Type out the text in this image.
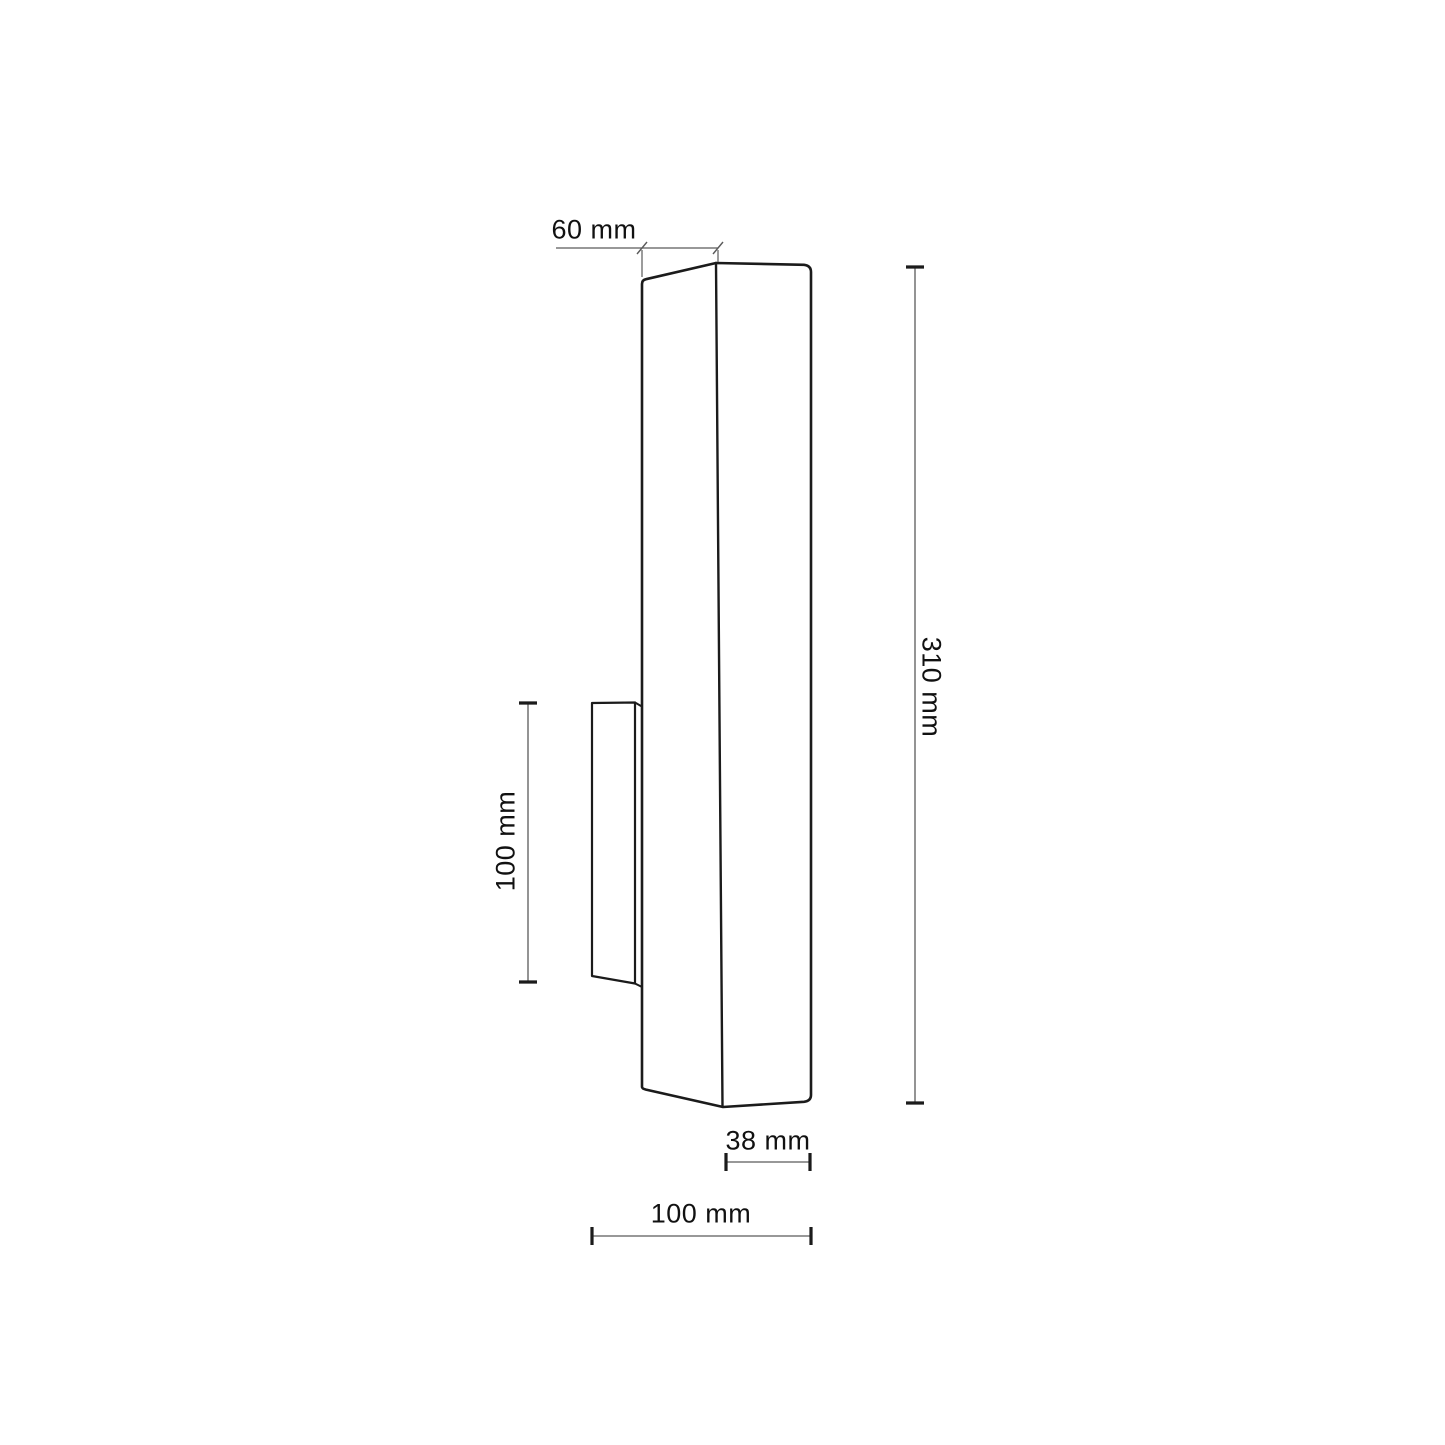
60 mm
310 mm
100 mm
38 mm
100 mm
